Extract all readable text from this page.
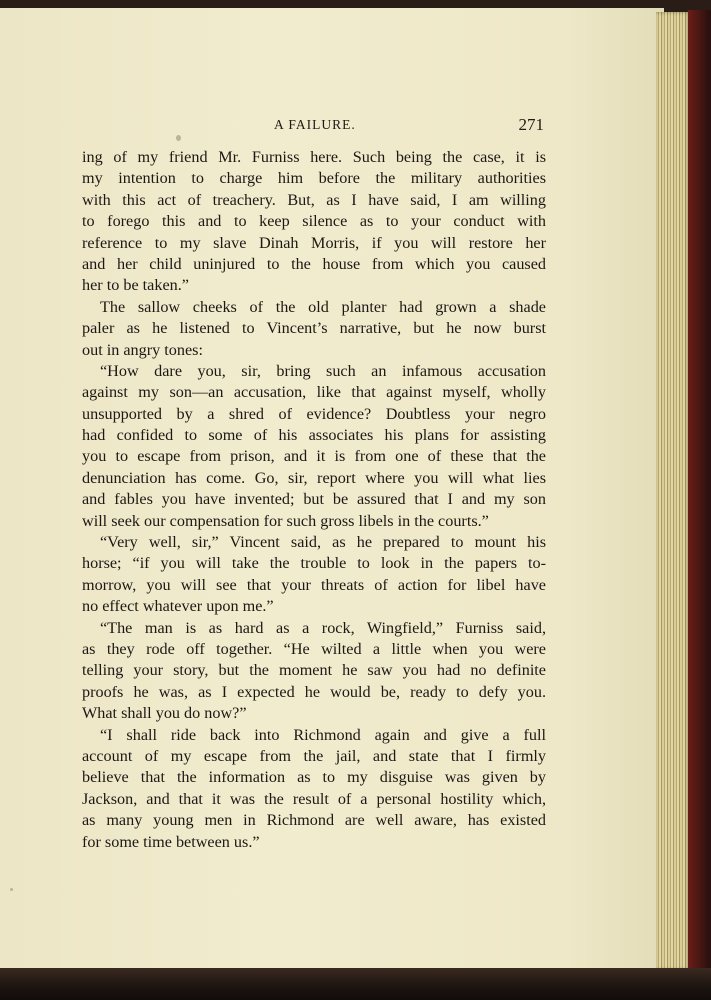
A FAILURE.	271
ing of my friend Mr. Furniss here. Such being the case, it is
my intention to charge him before the military authorities
with this act of treachery. But, as I have said, I am willing
to forego this and to keep silence as to your conduct with
reference to my slave Dinah Morris, if you will restore her
and her child uninjured to the house from which you caused
her to be taken.”
The sallow cheeks of the old planter had grown a shade
paler as he listened to Vincent’s narrative, but he now burst
out in angry tones:
“How dare you, sir, bring such an infamous accusation
against my son—an accusation, like that against myself, wholly
unsupported by a shred of evidence? Doubtless your negro
had confided to some of his associates his plans for assisting
you to escape from prison, and it is from one of these that the
denunciation has come. Go, sir, report where you will what lies
and fables you have invented; but be assured that I and my son
will seek our compensation for such gross libels in the courts.”
“Very well, sir,” Vincent said, as he prepared to mount his
horse; “if you will take the trouble to look in the papers to-
morrow, you will see that your threats of action for libel have
no effect whatever upon me.”
“The man is as hard as a rock, Wingfield,” Furniss said,
as they rode off together. “He wilted a little when you were
telling your story, but the moment he saw you had no definite
proofs he was, as I expected he would be, ready to defy you.
What shall you do now?”
“I shall ride back into Richmond again and give a full
account of my escape from the jail, and state that I firmly
believe that the information as to my disguise was given by
Jackson, and that it was the result of a personal hostility which,
as many young men in Richmond are well aware, has existed
for some time between us.”
